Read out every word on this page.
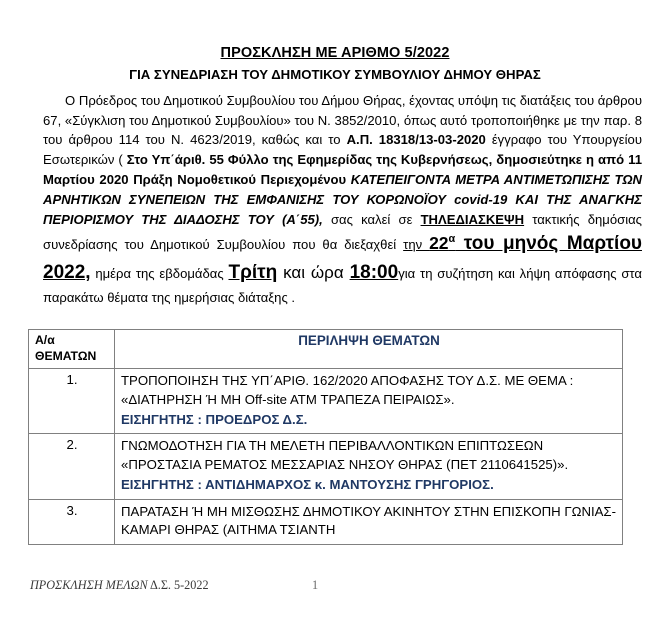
ΠΡΟΣΚΛΗΣΗ ΜΕ ΑΡΙΘΜΟ 5/2022
ΓΙΑ ΣΥΝΕΔΡΙΑΣΗ ΤΟΥ ΔΗΜΟΤΙΚΟΥ ΣΥΜΒΟΥΛΙΟΥ ΔΗΜΟΥ ΘΗΡΑΣ
Ο Πρόεδρος του Δημοτικού Συμβουλίου του Δήμου Θήρας, έχοντας υπόψη τις διατάξεις του άρθρου 67, «Σύγκλιση του Δημοτικού Συμβουλίου» του Ν. 3852/2010, όπως αυτό τροποποιήθηκε με την παρ. 8 του άρθρου 114 του Ν. 4623/2019, καθώς και το Α.Π. 18318/13-03-2020 έγγραφο του Υπουργείου Εσωτερικών ( Στο Υπ΄άριθ. 55 Φύλλο της Εφημερίδας της Κυβερνήσεως, δημοσιεύτηκε η από 11 Μαρτίου 2020 Πράξη Νομοθετικού Περιεχομένου ΚΑΤΕΠΕΙΓΟΝΤΑ ΜΕΤΡΑ ΑΝΤΙΜΕΤΩΠΙΣΗΣ ΤΩΝ ΑΡΝΗΤΙΚΩΝ ΣΥΝΕΠΕΙΩΝ ΤΗΣ ΕΜΦΑΝΙΣΗΣ ΤΟΥ ΚΟΡΩΝΟΪΟΥ covid-19 ΚΑΙ ΤΗΣ ΑΝΑΓΚΗΣ ΠΕΡΙΟΡΙΣΜΟΥ ΤΗΣ ΔΙΑΔΟΣΗΣ ΤΟΥ (Α΄55), σας καλεί σε ΤΗΛΕΔΙΑΣΚΕΨΗ τακτικής δημόσιας συνεδρίασης του Δημοτικού Συμβουλίου που θα διεξαχθεί την $22^\alpha$ του μηνός Μαρτίου 2022, ημέρα της εβδομάδας Τρίτη και ώρα 18:00για τη συζήτηση και λήψη απόφασης στα παρακάτω θέματα της ημερήσιας διάταξης .
Α/α
ΘΕΜΑΤΩΝ	ΠΕΡΙΛΗΨΗ ΘΕΜΑΤΩΝ
1.	ΤΡΟΠΟΠΟΙΗΣΗ ΤΗΣ ΥΠ΄ΑΡΙΘ. 162/2020 ΑΠΟΦΑΣΗΣ ΤΟΥ Δ.Σ. ΜΕ ΘΕΜΑ : «ΔΙΑΤΗΡΗΣΗ Ή ΜΗ Off-site ATM ΤΡΑΠΕΖΑ ΠΕΙΡΑΙΩΣ».
ΕΙΣΗΓΗΤΗΣ : ΠΡΟΕΔΡΟΣ Δ.Σ.

2.	ΓΝΩΜΟΔΟΤΗΣΗ ΓΙΑ ΤΗ ΜΕΛΕΤΗ ΠΕΡΙΒΑΛΛΟΝΤΙΚΩΝ ΕΠΙΠΤΩΣΕΩΝ «ΠΡΟΣΤΑΣΙΑ ΡΕΜΑΤΟΣ ΜΕΣΣΑΡΙΑΣ ΝΗΣΟΥ ΘΗΡΑΣ (ΠΕΤ 2110641525)».
ΕΙΣΗΓΗΤΗΣ : ΑΝΤΙΔΗΜΑΡΧΟΣ κ. ΜΑΝΤΟΥΣΗΣ ΓΡΗΓΟΡΙΟΣ.

3.	ΠΑΡΑΤΑΣΗ Ή ΜΗ ΜΙΣΘΩΣΗΣ ΔΗΜΟΤΙΚΟΥ ΑΚΙΝΗΤΟΥ ΣΤΗΝ ΕΠΙΣΚΟΠΗ ΓΩΝΙΑΣ-ΚΑΜΑΡΙ ΘΗΡΑΣ (ΑΙΤΗΜΑ ΤΣΙΑΝΤΗ
ΠΡΟΣΚΛΗΣΗ ΜΕΛΩΝ Δ.Σ. 5-2022	1
